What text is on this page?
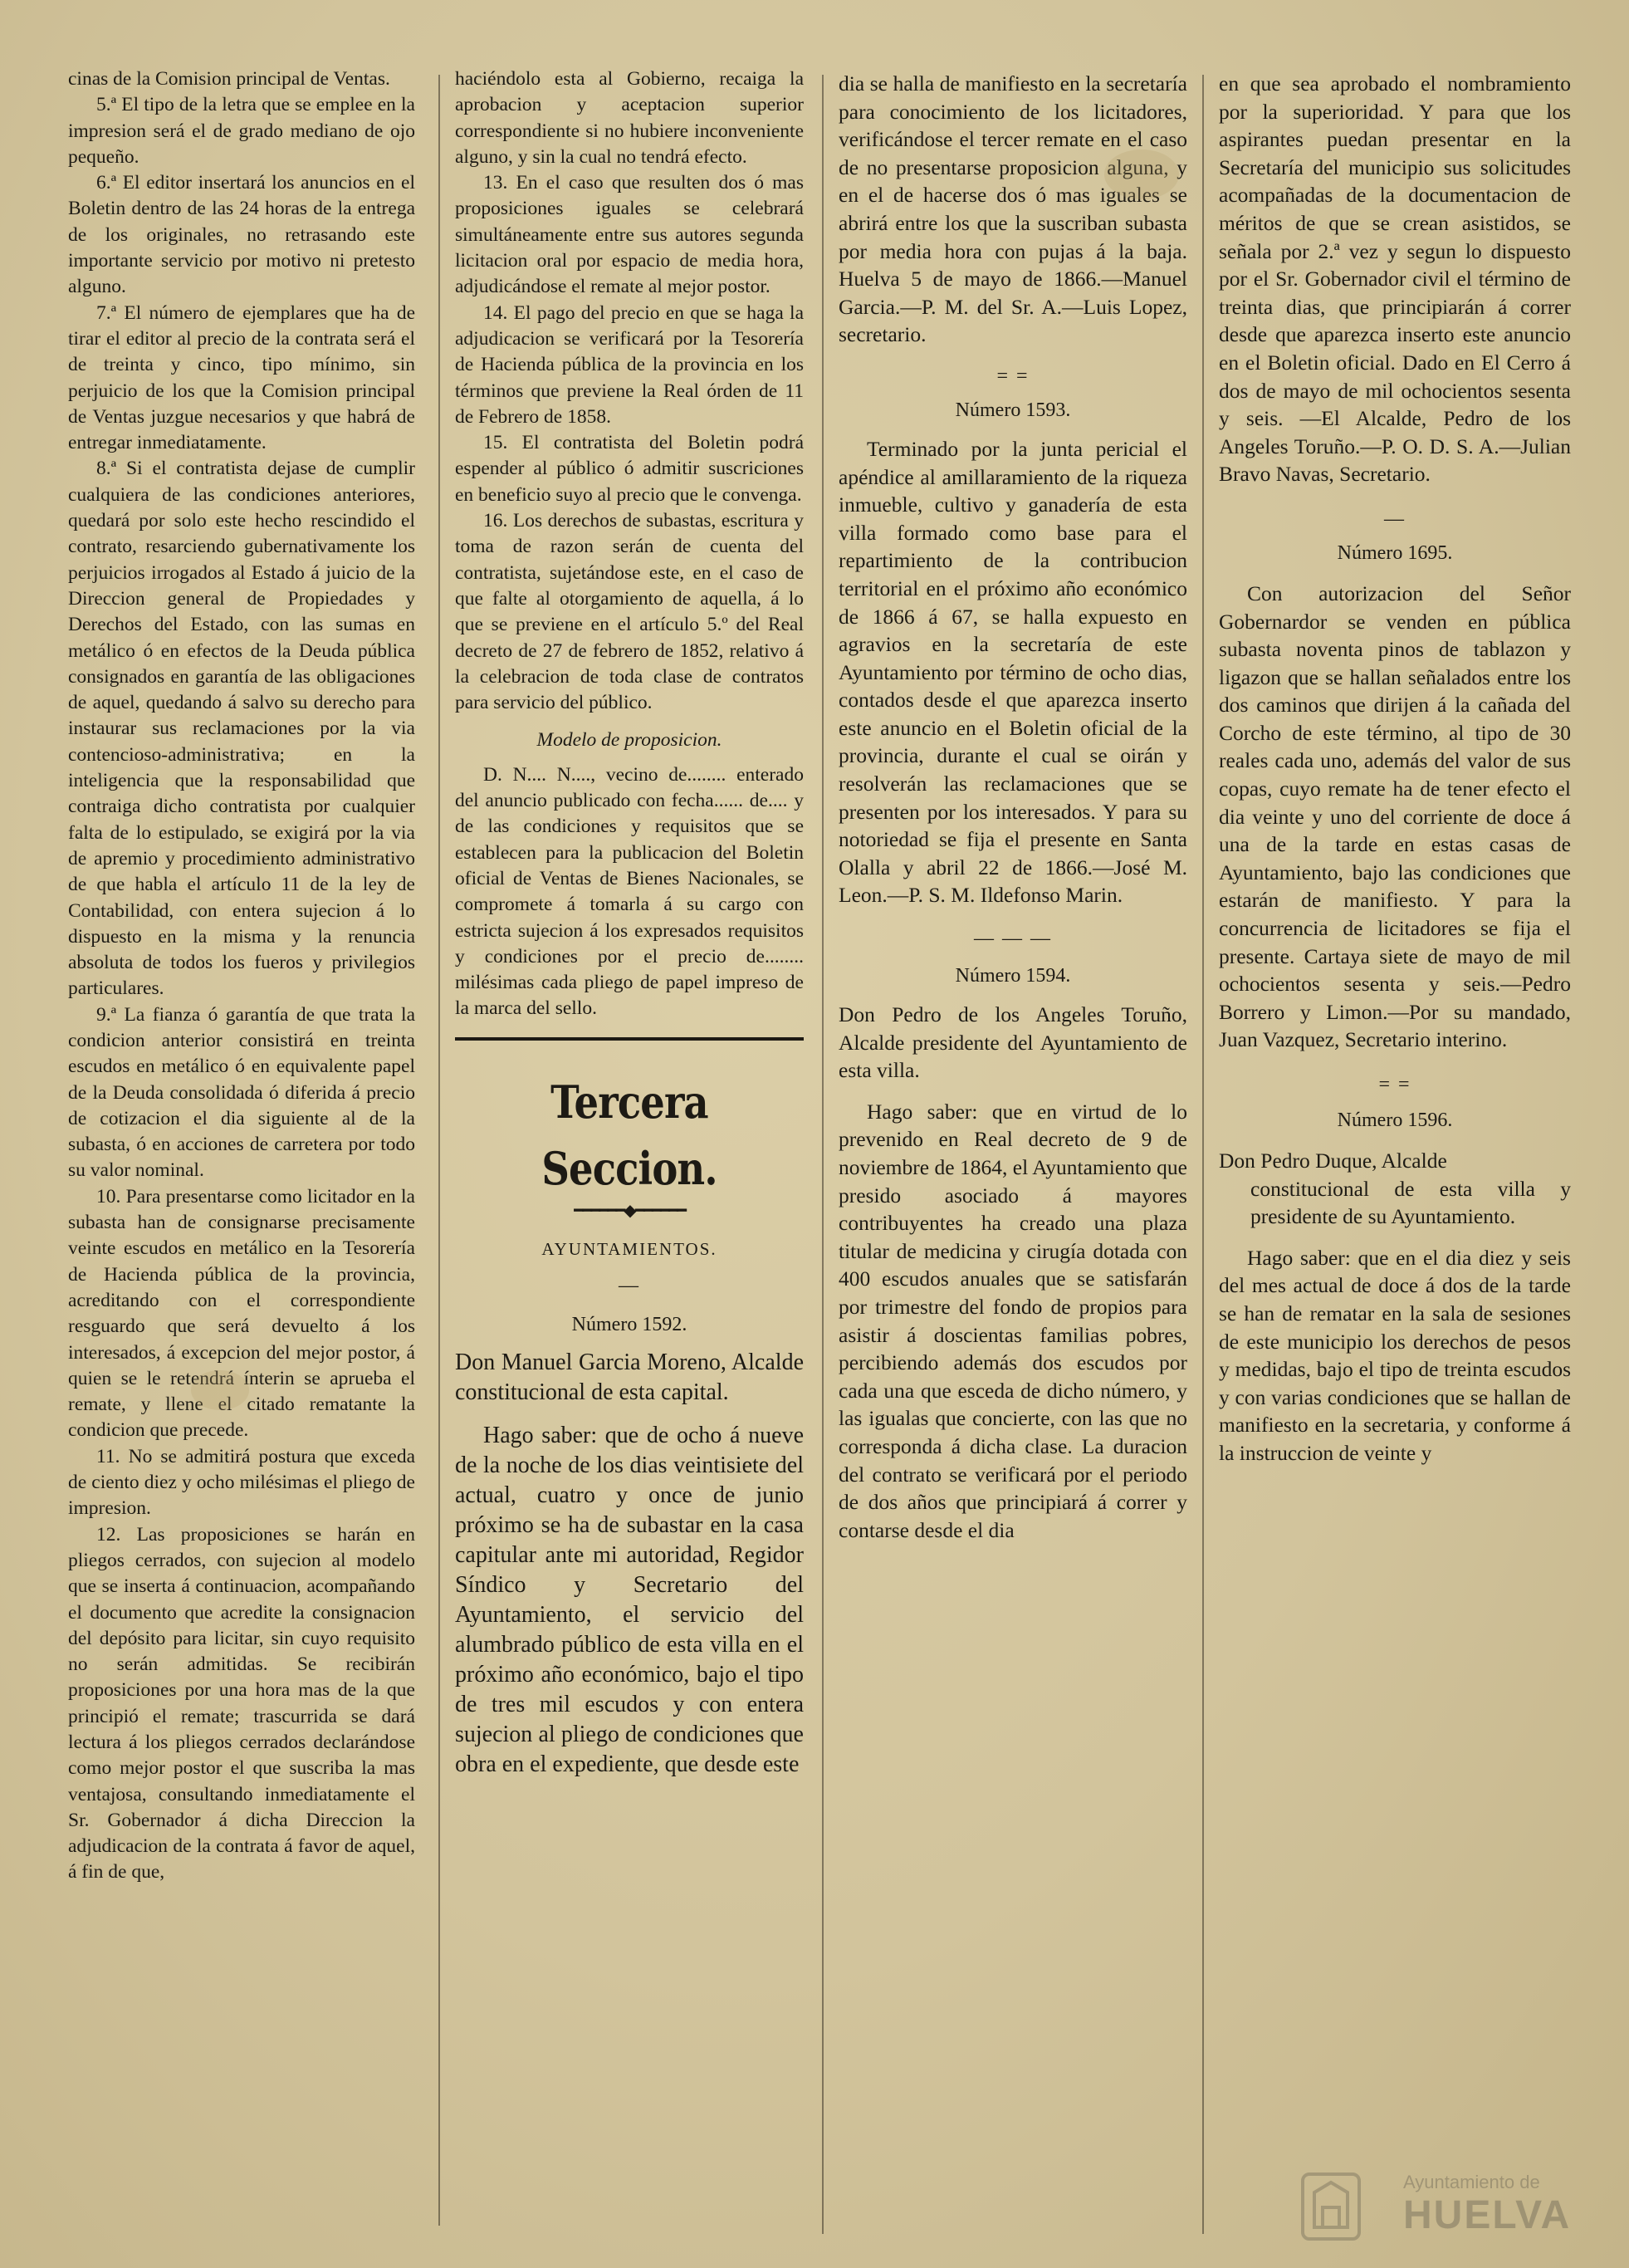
cinas de la Comision principal de Ventas.

5.ª El tipo de la letra que se emplee en la impresion será el de grado mediano de ojo pequeño.

6.ª El editor insertará los anuncios en el Boletin dentro de las 24 horas de la entrega de los originales, no retrasando este importante servicio por motivo ni pretesto alguno.

7.ª El número de ejemplares que ha de tirar el editor al precio de la contrata será el de treinta y cinco, tipo mínimo, sin perjuicio de los que la Comision principal de Ventas juzgue necesarios y que habrá de entregar inmediatamente.

8.ª Si el contratista dejase de cumplir cualquiera de las condiciones anteriores, quedará por solo este hecho rescindido el contrato, resarciendo gubernativamente los perjuicios irrogados al Estado á juicio de la Direccion general de Propiedades y Derechos del Estado, con las sumas en metálico ó en efectos de la Deuda pública consignados en garantía de las obligaciones de aquel, quedando á salvo su derecho para instaurar sus reclamaciones por la via contencioso-administrativa; en la inteligencia que la responsabilidad que contraiga dicho contratista por cualquier falta de lo estipulado, se exigirá por la via de apremio y procedimiento administrativo de que habla el artículo 11 de la ley de Contabilidad, con entera sujecion á lo dispuesto en la misma y la renuncia absoluta de todos los fueros y privilegios particulares.

9.ª La fianza ó garantía de que trata la condicion anterior consistirá en treinta escudos en metálico ó en equivalente papel de la Deuda consolidada ó diferida á precio de cotizacion el dia siguiente al de la subasta, ó en acciones de carretera por todo su valor nominal.

10. Para presentarse como licitador en la subasta han de consignarse precisamente veinte escudos en metálico en la Tesorería de Hacienda pública de la provincia, acreditando con el correspondiente resguardo que será devuelto á los interesados, á excepcion del mejor postor, á quien se le retendrá ínterin se aprueba el remate, y llene el citado rematante la condicion que precede.

11. No se admitirá postura que exceda de ciento diez y ocho milésimas el pliego de impresion.

12. Las proposiciones se harán en pliegos cerrados, con sujecion al modelo que se inserta á continuacion, acompañando el documento que acredite la consignacion del depósito para licitar, sin cuyo requisito no serán admitidas. Se recibirán proposiciones por una hora mas de la que principió el remate; trascurrida se dará lectura á los pliegos cerrados declarándose como mejor postor el que suscriba la mas ventajosa, consultando inmediatamente el Sr. Gobernador á dicha Direccion la adjudicacion de la contrata á favor de aquel, á fin de que,

haciéndolo esta al Gobierno, recaiga la aprobacion y aceptacion superior correspondiente si no hubiere inconveniente alguno, y sin la cual no tendrá efecto.

13. En el caso que resulten dos ó mas proposiciones iguales se celebrará simultáneamente entre sus autores segunda licitacion oral por espacio de media hora, adjudicándose el remate al mejor postor.

14. El pago del precio en que se haga la adjudicacion se verificará por la Tesorería de Hacienda pública de la provincia en los términos que previene la Real órden de 11 de Febrero de 1858.

15. El contratista del Boletin podrá espender al público ó admitir suscriciones en beneficio suyo al precio que le convenga.

16. Los derechos de subastas, escritura y toma de razon serán de cuenta del contratista, sujetándose este, en el caso de que falte al otorgamiento de aquella, á lo que se previene en el artículo 5.º del Real decreto de 27 de febrero de 1852, relativo á la celebracion de toda clase de contratos para servicio del público.

Modelo de proposicion.

D. N.... N...., vecino de........ enterado del anuncio publicado con fecha...... de.... y de las condiciones y requisitos que se establecen para la publicacion del Boletin oficial de Ventas de Bienes Nacionales, se compromete á tomarla á su cargo con estricta sujecion á los expresados requisitos y condiciones por el precio de........ milésimas cada pliego de papel impreso de la marca del sello.

Tercera Seccion.
━━━━━━◆━━━━━━
AYUNTAMIENTOS.
—

Número 1592.

Don Manuel Garcia Moreno, Alcalde constitucional de esta capital.

Hago saber: que de ocho á nueve de la noche de los dias veintisiete del actual, cuatro y once de junio próximo se ha de subastar en la casa capitular ante mi autoridad, Regidor Síndico y Secretario del Ayuntamiento, el servicio del alumbrado público de esta villa en el próximo año económico, bajo el tipo de tres mil escudos y con entera sujecion al pliego de condiciones que obra en el expediente, que desde este

dia se halla de manifiesto en la secretaría para conocimiento de los licitadores, verificándose el tercer remate en el caso de no presentarse proposicion alguna, y en el de hacerse dos ó mas iguales se abrirá entre los que la suscriban subasta por media hora con pujas á la baja. Huelva 5 de mayo de 1866.—Manuel Garcia.—P. M. del Sr. A.—Luis Lopez, secretario.

= =

Número 1593.

Terminado por la junta pericial el apéndice al amillaramiento de la riqueza inmueble, cultivo y ganadería de esta villa formado como base para el repartimiento de la contribucion territorial en el próximo año económico de 1866 á 67, se halla expuesto en agravios en la secretaría de este Ayuntamiento por término de ocho dias, contados desde el que aparezca inserto este anuncio en el Boletin oficial de la provincia, durante el cual se oirán y resolverán las reclamaciones que se presenten por los interesados. Y para su notoriedad se fija el presente en Santa Olalla y abril 22 de 1866.—José M. Leon.—P. S. M. Ildefonso Marin.

— — —

Número 1594.

Don Pedro de los Angeles Toruño, Alcalde presidente del Ayuntamiento de esta villa.

Hago saber: que en virtud de lo prevenido en Real decreto de 9 de noviembre de 1864, el Ayuntamiento que presido asociado á mayores contribuyentes ha creado una plaza titular de medicina y cirugía dotada con 400 escudos anuales que se satisfarán por trimestre del fondo de propios para asistir á doscientas familias pobres, percibiendo además dos escudos por cada una que esceda de dicho número, y las igualas que concierte, con las que no corresponda á dicha clase. La duracion del contrato se verificará por el periodo de dos años que principiará á correr y contarse desde el dia

en que sea aprobado el nombramiento por la superioridad. Y para que los aspirantes puedan presentar en la Secretaría del municipio sus solicitudes acompañadas de la documentacion de méritos de que se crean asistidos, se señala por 2.ª vez y segun lo dispuesto por el Sr. Gobernador civil el término de treinta dias, que principiarán á correr desde que aparezca inserto este anuncio en el Boletin oficial. Dado en El Cerro á dos de mayo de mil ochocientos sesenta y seis. —El Alcalde, Pedro de los Angeles Toruño.—P. O. D. S. A.—Julian Bravo Navas, Secretario.

—

Número 1695.

Con autorizacion del Señor Gobernardor se venden en pública subasta noventa pinos de tablazon y ligazon que se hallan señalados entre los dos caminos que dirijen á la cañada del Corcho de este término, al tipo de 30 reales cada uno, además del valor de sus copas, cuyo remate ha de tener efecto el dia veinte y uno del corriente de doce á una de la tarde en estas casas de Ayuntamiento, bajo las condiciones que estarán de manifiesto. Y para la concurrencia de licitadores se fija el presente. Cartaya siete de mayo de mil ochocientos sesenta y seis.—Pedro Borrero y Limon.—Por su mandado, Juan Vazquez, Secretario interino.

= =

Número 1596.

Don Pedro Duque, Alcalde

constitucional de esta villa y presidente de su Ayuntamiento.

Hago saber: que en el dia diez y seis del mes actual de doce á dos de la tarde se han de rematar en la sala de sesiones de este municipio los derechos de pesos y medidas, bajo el tipo de treinta escudos y con varias condiciones que se hallan de manifiesto en la secretaria, y conforme á la instruccion de veinte y

Ayuntamiento de
HUELVA
